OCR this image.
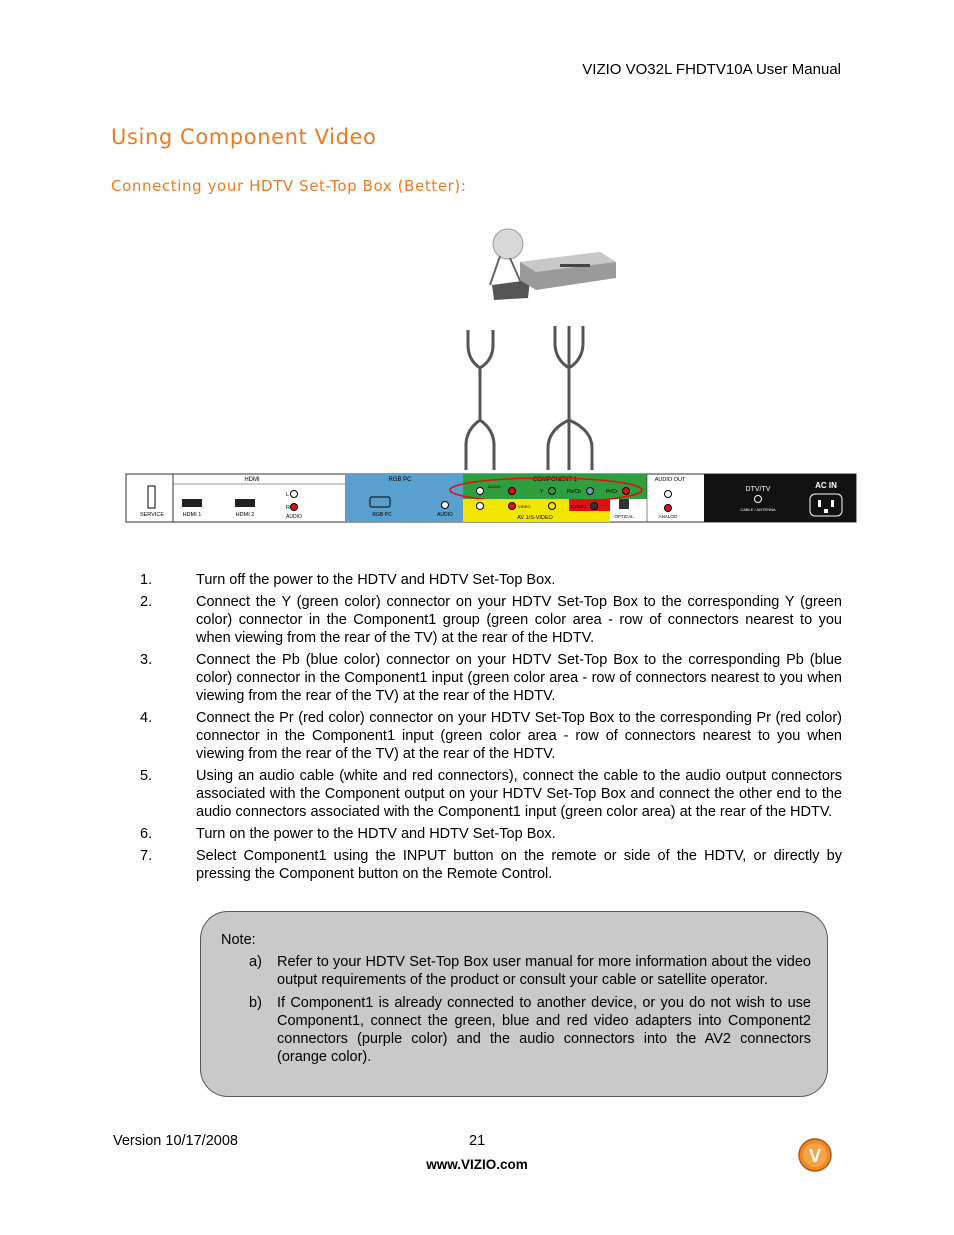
VIZIO VO32L FHDTV10A User Manual
Using Component Video
Connecting your HDTV Set-Top Box (Better):
SERVICE
HDMI
HDMI 1	HDMI 2
L
R
AUDIO
RGB PC
RGB PC	AUDIO
COMPONENT 1
AUDIO
Y	Pb/Cb	Pr/Cr
VIDEO	S-VIDEO
AV 1/S-VIDEO	OPTICAL
AUDIO OUT
ANALOG
DTV/TV
CABLE / ANTENNA
AC IN
1.	Turn off the power to the HDTV and HDTV Set-Top Box.
2.	Connect the Y (green color) connector on your HDTV Set-Top Box to the corresponding Y (green color) connector in the Component1 group (green color area - row of connectors nearest to you when viewing from the rear of the TV) at the rear of the HDTV.
3.	Connect the Pb (blue color) connector on your HDTV Set-Top Box to the corresponding Pb (blue color) connector in the Component1 input (green color area - row of connectors nearest to you when viewing from the rear of the TV) at the rear of the HDTV.
4.	Connect the Pr (red color) connector on your HDTV Set-Top Box to the corresponding Pr (red color) connector in the Component1 input (green color area - row of connectors nearest to you when viewing from the rear of the TV) at the rear of the HDTV.
5.	Using an audio cable (white and red connectors), connect the cable to the audio output connectors associated with the Component output on your HDTV Set-Top Box and connect the other end to the audio connectors associated with the Component1 input (green color area) at the rear of the HDTV.
6.	Turn on the power to the HDTV and HDTV Set-Top Box.
7.	Select Component1 using the INPUT button on the remote or side of the HDTV, or directly by pressing the Component button on the Remote Control.
Note:
a)	Refer to your HDTV Set-Top Box user manual for more information about the video output requirements of the product or consult your cable or satellite operator.
b)	If Component1 is already connected to another device, or you do not wish to use Component1, connect the green, blue and red video adapters into Component2 connectors (purple color) and the audio connectors into the AV2 connectors (orange color).
Version 10/17/2008	21
www.VIZIO.com	V
